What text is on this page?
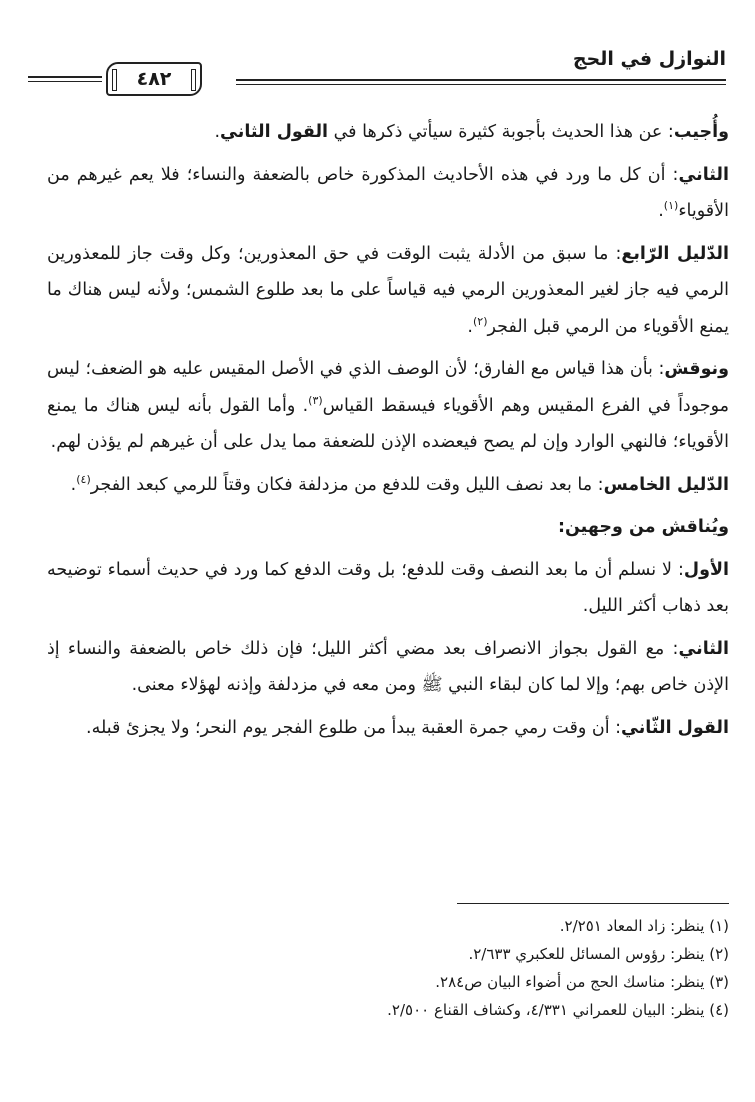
النوازل في الحج
٤٨٢

وأُجيب: عن هذا الحديث بأجوبة كثيرة سيأتي ذكرها في القول الثاني.

الثاني: أن كل ما ورد في هذه الأحاديث المذكورة خاص بالضعفة والنساء؛ فلا يعم غيرهم من الأقوياء$^{(١)}$.

الدّليل الرّابع: ما سبق من الأدلة يثبت الوقت في حق المعذورين؛ وكل وقت جاز للمعذورين الرمي فيه جاز لغير المعذورين الرمي فيه قياساً على ما بعد طلوع الشمس؛ ولأنه ليس هناك ما يمنع الأقوياء من الرمي قبل الفجر$^{(٢)}$.

ونوقش: بأن هذا قياس مع الفارق؛ لأن الوصف الذي في الأصل المقيس عليه هو الضعف؛ ليس موجوداً في الفرع المقيس وهم الأقوياء فيسقط القياس$^{(٣)}$. وأما القول بأنه ليس هناك ما يمنع الأقوياء؛ فالنهي الوارد وإن لم يصح فيعضده الإذن للضعفة مما يدل على أن غيرهم لم يؤذن لهم.

الدّليل الخامس: ما بعد نصف الليل وقت للدفع من مزدلفة فكان وقتاً للرمي كبعد الفجر$^{(٤)}$.

ويُناقش من وجهين:

الأول: لا نسلم أن ما بعد النصف وقت للدفع؛ بل وقت الدفع كما ورد في حديث أسماء توضيحه بعد ذهاب أكثر الليل.

الثاني: مع القول بجواز الانصراف بعد مضي أكثر الليل؛ فإن ذلك خاص بالضعفة والنساء إذ الإذن خاص بهم؛ وإلا لما كان لبقاء النبي ﷺ ومن معه في مزدلفة وإذنه لهؤلاء معنى.

القول الثّاني: أن وقت رمي جمرة العقبة يبدأ من طلوع الفجر يوم النحر؛ ولا يجزئ قبله.

(١) ينظر: زاد المعاد ٢/٢٥١.
(٢) ينظر: رؤوس المسائل للعكبري ٢/٦٣٣.
(٣) ينظر: مناسك الحج من أضواء البيان ص٢٨٤.
(٤) ينظر: البيان للعمراني ٤/٣٣١، وكشاف القناع ٢/٥٠٠.
